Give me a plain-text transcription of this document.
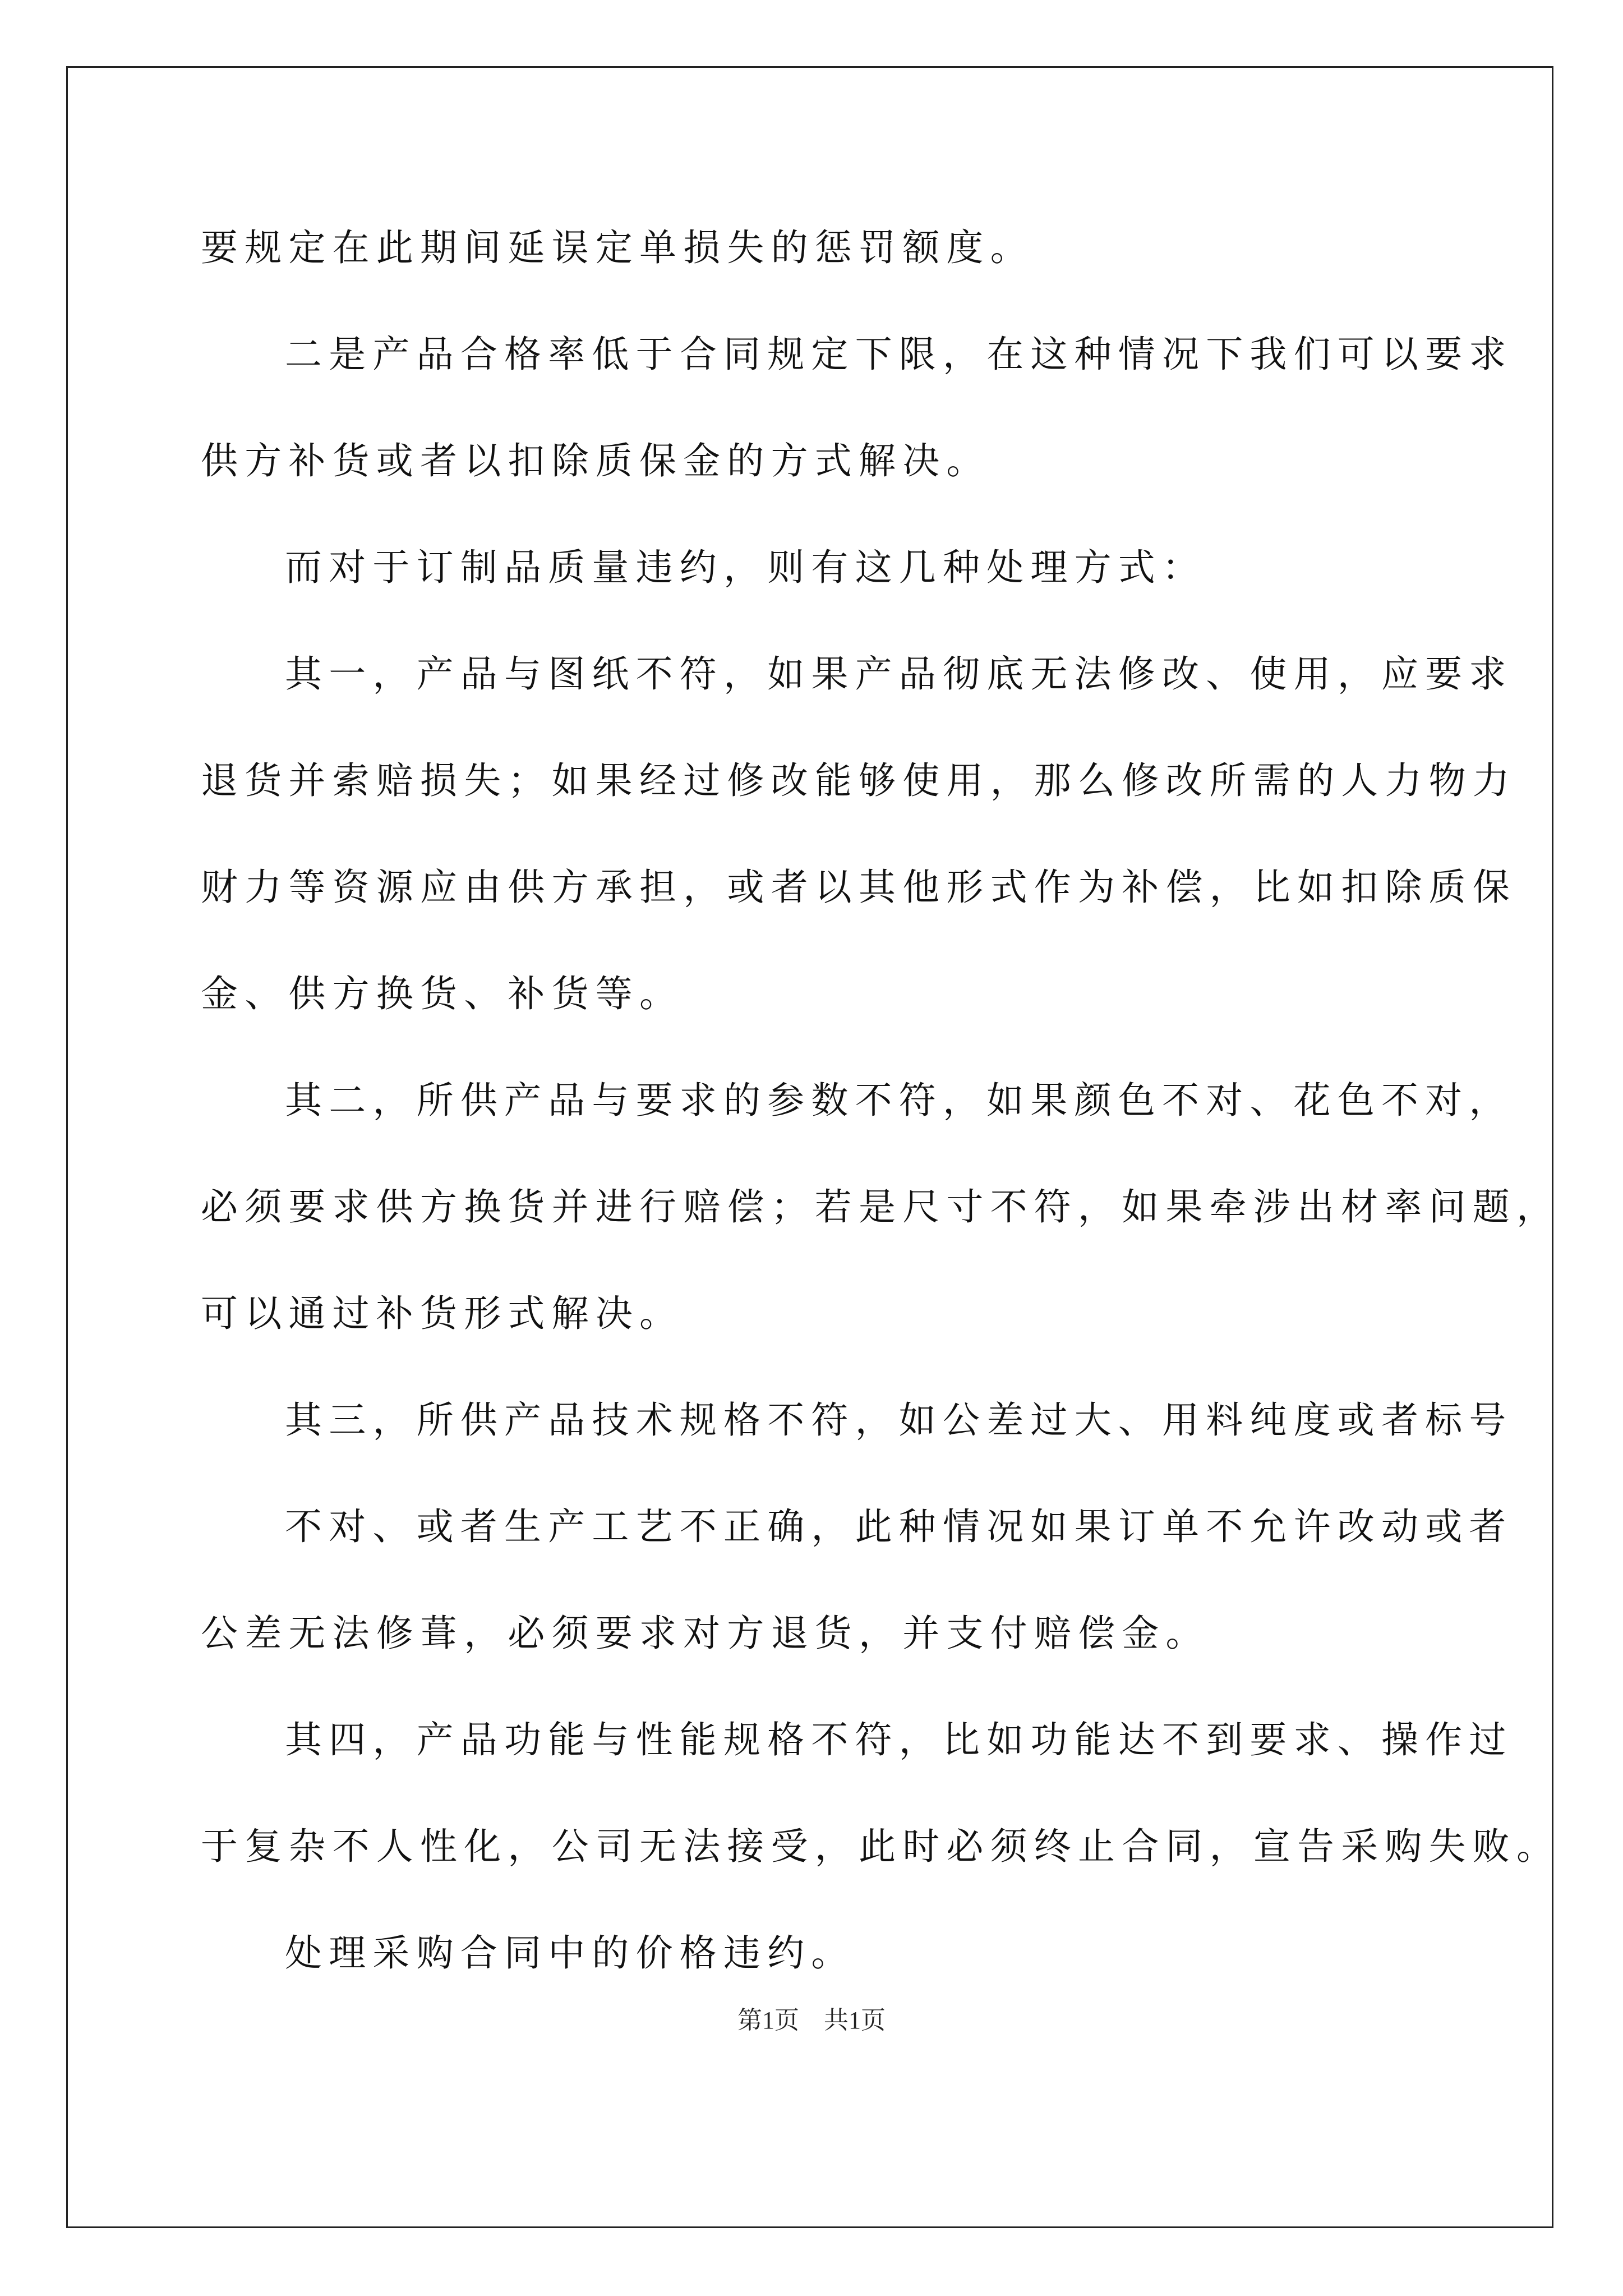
要规定在此期间延误定单损失的惩罚额度。
二是产品合格率低于合同规定下限，在这种情况下我们可以要求
供方补货或者以扣除质保金的方式解决。
而对于订制品质量违约，则有这几种处理方式：
其一，产品与图纸不符，如果产品彻底无法修改、使用，应要求
退货并索赔损失；如果经过修改能够使用，那么修改所需的人力物力
财力等资源应由供方承担，或者以其他形式作为补偿，比如扣除质保
金、供方换货、补货等。
其二，所供产品与要求的参数不符，如果颜色不对、花色不对，
必须要求供方换货并进行赔偿；若是尺寸不符，如果牵涉出材率问题，
可以通过补货形式解决。
其三，所供产品技术规格不符，如公差过大、用料纯度或者标号
不对、或者生产工艺不正确，此种情况如果订单不允许改动或者
公差无法修葺，必须要求对方退货，并支付赔偿金。
其四，产品功能与性能规格不符，比如功能达不到要求、操作过
于复杂不人性化，公司无法接受，此时必须终止合同，宣告采购失败。
处理采购合同中的价格违约。
第1页 共1页
